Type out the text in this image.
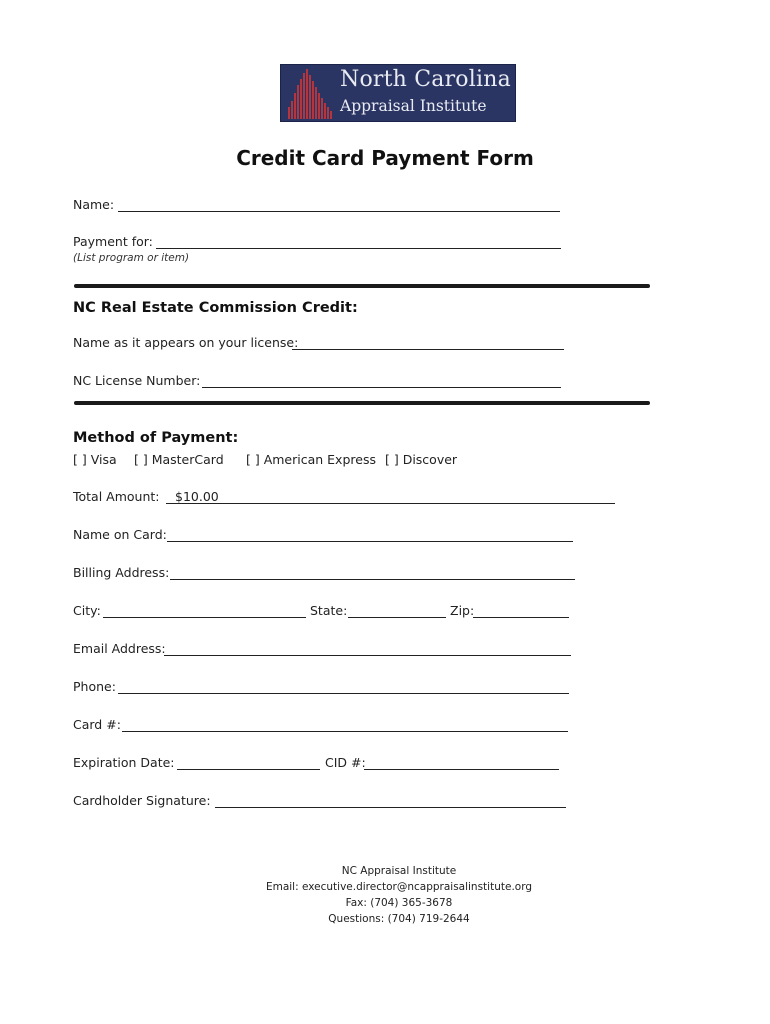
North Carolina
Appraisal Institute
Credit Card Payment Form
Name:
Payment for:
(List program or item)
NC Real Estate Commission Credit:
Name as it appears on your license:
NC License Number:
Method of Payment:
[ ] Visa [ ] MasterCard [ ] American Express [ ] Discover
Total Amount: $10.00
Name on Card:
Billing Address:
City:	State:	Zip:
Email Address:
Phone:
Card #:
Expiration Date:	CID #:
Cardholder Signature:
NC Appraisal Institute
Email: executive.director@ncappraisalinstitute.org
Fax: (704) 365-3678
Questions: (704) 719-2644
